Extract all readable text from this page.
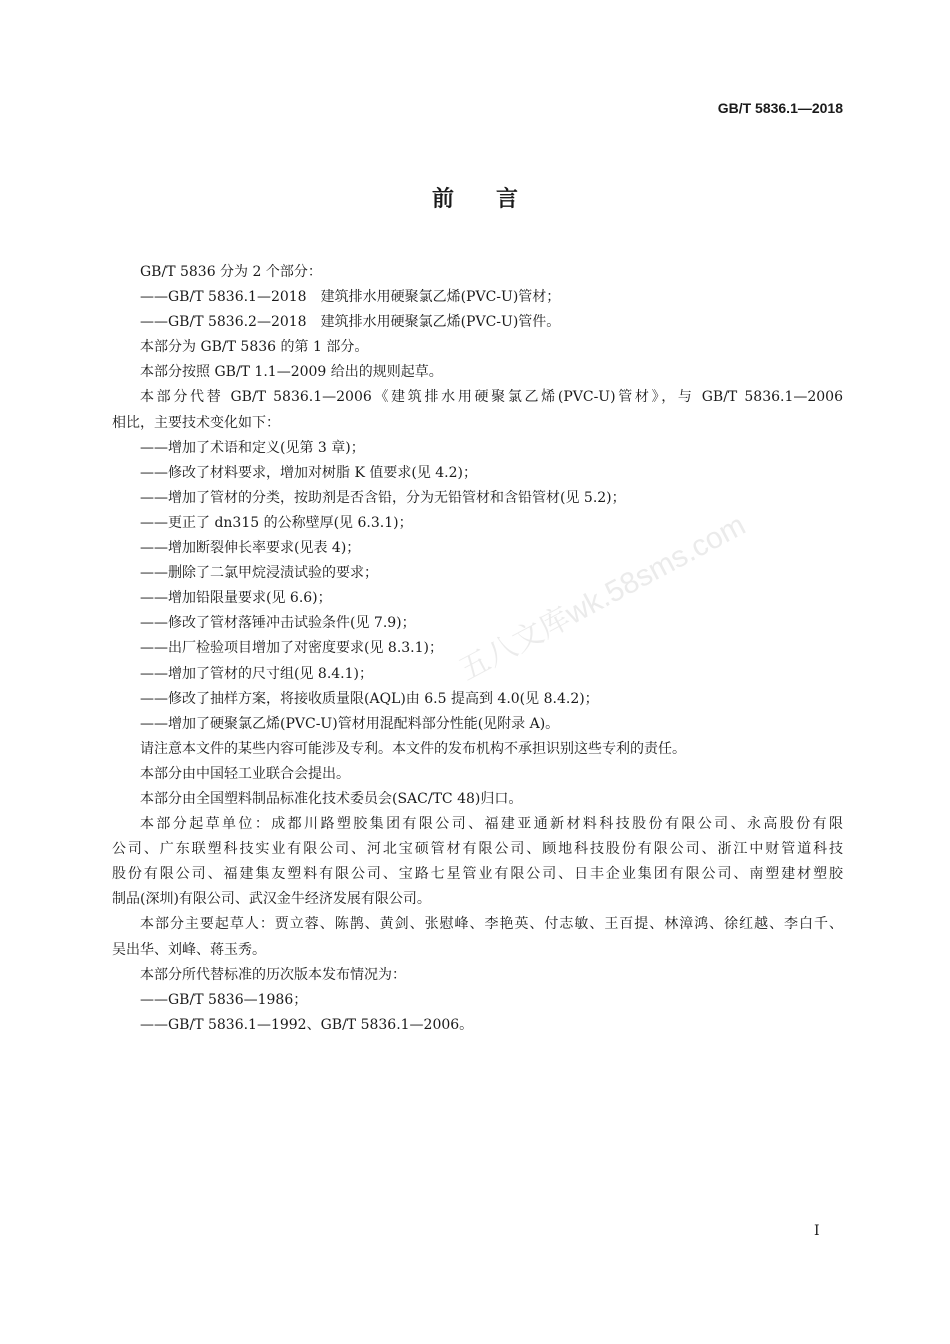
GB/T 5836.1—2018
前言
五八文库wk.58sms.com
GB/T 5836 分为 2 个部分：
——GB/T 5836.1—2018　建筑排水用硬聚氯乙烯(PVC-U)管材；
——GB/T 5836.2—2018　建筑排水用硬聚氯乙烯(PVC-U)管件。
本部分为 GB/T 5836 的第 1 部分。
本部分按照 GB/T 1.1—2009 给出的规则起草。
本部分代替 GB/T 5836.1—2006《建筑排水用硬聚氯乙烯(PVC-U)管材》，与 GB/T 5836.1—2006
相比，主要技术变化如下：
——增加了术语和定义(见第 3 章)；
——修改了材料要求，增加对树脂 K 值要求(见 4.2)；
——增加了管材的分类，按助剂是否含铅，分为无铅管材和含铅管材(见 5.2)；
——更正了 dn315 的公称壁厚(见 6.3.1)；
——增加断裂伸长率要求(见表 4)；
——删除了二氯甲烷浸渍试验的要求；
——增加铅限量要求(见 6.6)；
——修改了管材落锤冲击试验条件(见 7.9)；
——出厂检验项目增加了对密度要求(见 8.3.1)；
——增加了管材的尺寸组(见 8.4.1)；
——修改了抽样方案，将接收质量限(AQL)由 6.5 提高到 4.0(见 8.4.2)；
——增加了硬聚氯乙烯(PVC-U)管材用混配料部分性能(见附录 A)。
请注意本文件的某些内容可能涉及专利。本文件的发布机构不承担识别这些专利的责任。
本部分由中国轻工业联合会提出。
本部分由全国塑料制品标准化技术委员会(SAC/TC 48)归口。
本部分起草单位：成都川路塑胶集团有限公司、福建亚通新材料科技股份有限公司、永高股份有限
公司、广东联塑科技实业有限公司、河北宝硕管材有限公司、顾地科技股份有限公司、浙江中财管道科技
股份有限公司、福建集友塑料有限公司、宝路七星管业有限公司、日丰企业集团有限公司、南塑建材塑胶
制品(深圳)有限公司、武汉金牛经济发展有限公司。
本部分主要起草人：贾立蓉、陈鹊、黄剑、张慰峰、李艳英、付志敏、王百提、林漳鸿、徐红越、李白千、
吴出华、刘峰、蒋玉秀。
本部分所代替标准的历次版本发布情况为：
——GB/T 5836—1986；
——GB/T 5836.1—1992、GB/T 5836.1—2006。
I
